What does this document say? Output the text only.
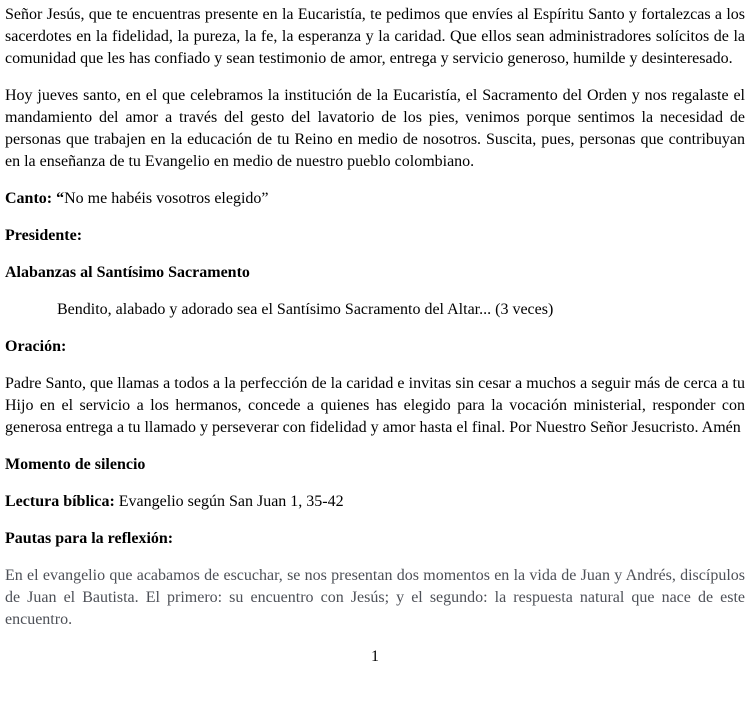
Señor Jesús, que te encuentras presente en la Eucaristía, te pedimos que envíes al Espíritu Santo y fortalezcas a los sacerdotes en la fidelidad, la pureza, la fe, la esperanza y la caridad. Que ellos sean administradores solícitos de la comunidad que les has confiado y sean testimonio de amor, entrega y servicio generoso, humilde y desinteresado.

Hoy jueves santo, en el que celebramos la institución de la Eucaristía, el Sacramento del Orden y nos regalaste el mandamiento del amor a través del gesto del lavatorio de los pies, venimos porque sentimos la necesidad de personas que trabajen en la educación de tu Reino en medio de nosotros. Suscita, pues, personas que contribuyan en la enseñanza de tu Evangelio en medio de nuestro pueblo colombiano.

Canto: “No me habéis vosotros elegido”

Presidente:

Alabanzas al Santísimo Sacramento

Bendito, alabado y adorado sea el Santísimo Sacramento del Altar... (3 veces)

Oración:

Padre Santo, que llamas a todos a la perfección de la caridad e invitas sin cesar a muchos a seguir más de cerca a tu Hijo en el servicio a los hermanos, concede a quienes has elegido para la vocación ministerial, responder con generosa entrega a tu llamado y perseverar con fidelidad y amor hasta el final. Por Nuestro Señor Jesucristo. Amén

Momento de silencio

Lectura bíblica: Evangelio según San Juan 1, 35-42

Pautas para la reflexión:

En el evangelio que acabamos de escuchar, se nos presentan dos momentos en la vida de Juan y Andrés, discípulos de Juan el Bautista. El primero: su encuentro con Jesús; y el segundo: la respuesta natural que nace de este encuentro.

1
